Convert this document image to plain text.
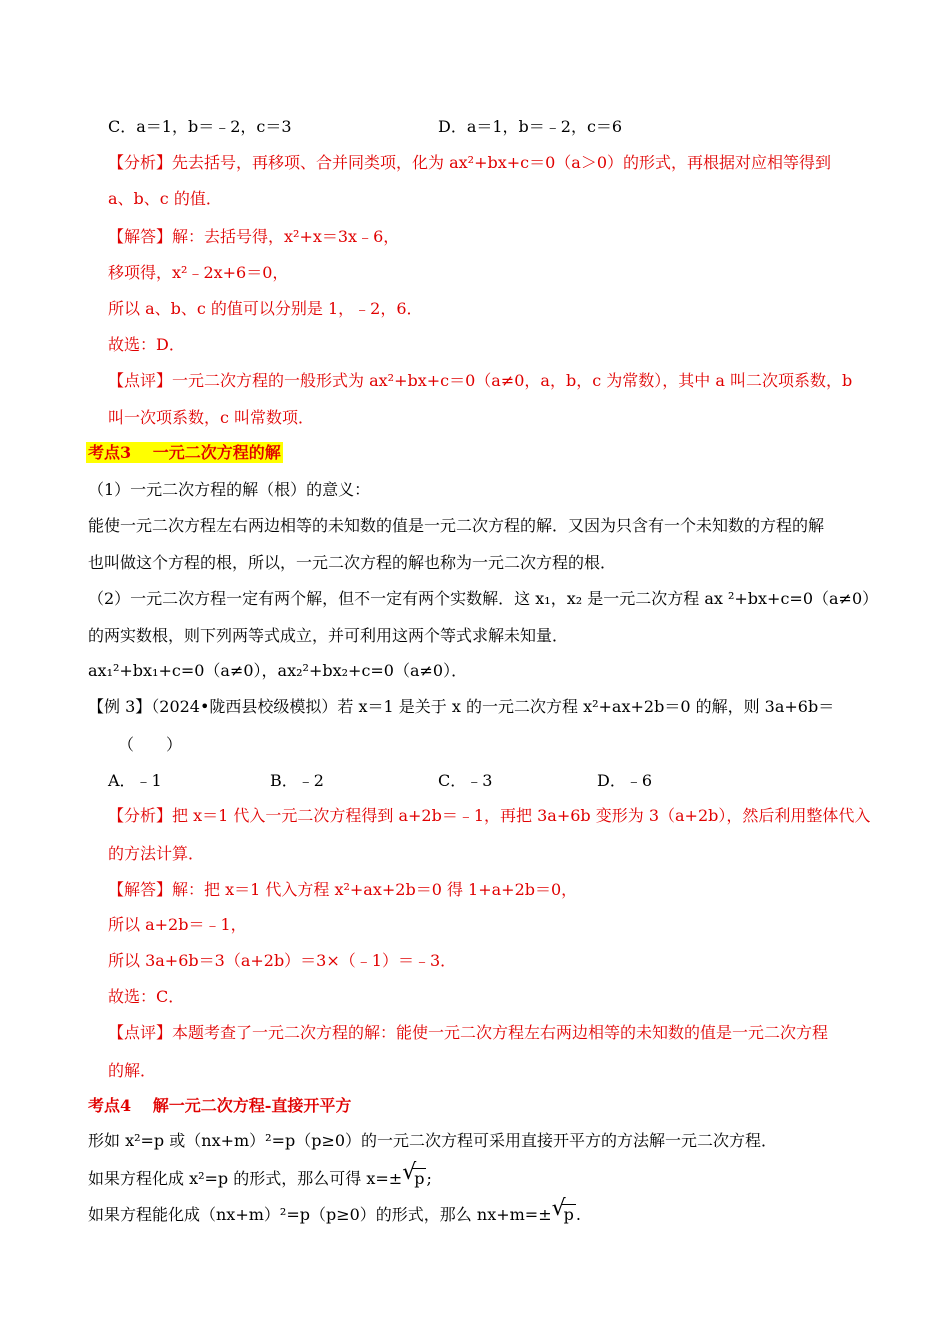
C．a＝1，b＝﹣2，c＝3	D．a＝1，b＝﹣2，c＝6
【分析】先去括号，再移项、合并同类项，化为 ax²+bx+c＝0（a＞0）的形式，再根据对应相等得到
a、b、c 的值．
【解答】解：去括号得，x²+x＝3x﹣6，
移项得，x²﹣2x+6＝0，
所以 a、b、c 的值可以分别是 1，﹣2，6．
故选：D．
【点评】一元二次方程的一般形式为 ax²+bx+c＝0（a≠0，a，b，c 为常数），其中 a 叫二次项系数，b
叫一次项系数，c 叫常数项．
考点3　 一元二次方程的解
（1）一元二次方程的解（根）的意义：
能使一元二次方程左右两边相等的未知数的值是一元二次方程的解．又因为只含有一个未知数的方程的解
也叫做这个方程的根，所以，一元二次方程的解也称为一元二次方程的根．
（2）一元二次方程一定有两个解，但不一定有两个实数解．这 x₁，x₂ 是一元二次方程 ax ²+bx+c=0（a≠0）
的两实数根，则下列两等式成立，并可利用这两个等式求解未知量．
ax₁²+bx₁+c=0（a≠0），ax₂²+bx₂+c=0（a≠0）．
【例 3】（2024•陇西县校级模拟）若 x＝1 是关于 x 的一元二次方程 x²+ax+2b＝0 的解，则 3a+6b＝
（　　）
A．﹣1	B．﹣2	C．﹣3	D．﹣6
【分析】把 x＝1 代入一元二次方程得到 a+2b＝﹣1，再把 3a+6b 变形为 3（a+2b），然后利用整体代入
的方法计算．
【解答】解：把 x＝1 代入方程 x²+ax+2b＝0 得 1+a+2b＝0，
所以 a+2b＝﹣1，
所以 3a+6b＝3（a+2b）＝3×（﹣1）＝﹣3．
故选：C．
【点评】本题考查了一元二次方程的解：能使一元二次方程左右两边相等的未知数的值是一元二次方程
的解．
考点4　 解一元二次方程-直接开平方
形如 x²=p 或（nx+m）²=p（p≥0）的一元二次方程可采用直接开平方的方法解一元二次方程．
如果方程化成 x²=p 的形式，那么可得 x=± √
p ;
如果方程能化成（nx+m）²=p（p≥0）的形式，那么 nx+m=± √
p .
